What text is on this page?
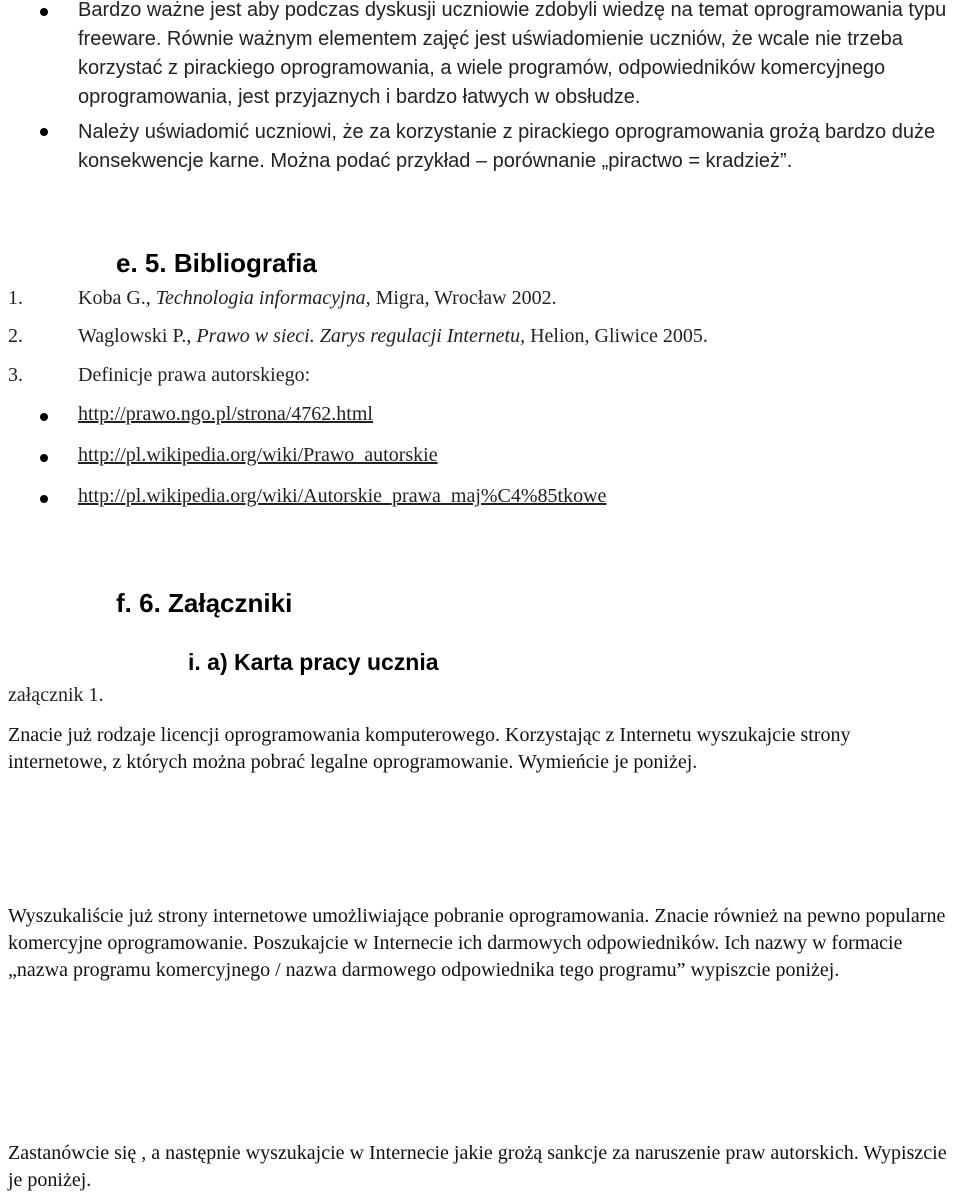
Bardzo ważne jest aby podczas dyskusji uczniowie zdobyli wiedzę na temat oprogramowania typu freeware. Równie ważnym elementem zajęć jest uświadomienie uczniów, że wcale nie trzeba korzystać z pirackiego oprogramowania, a wiele programów, odpowiedników komercyjnego oprogramowania, jest przyjaznych i bardzo łatwych w obsłudze.

Należy uświadomić uczniowi, że za korzystanie z pirackiego oprogramowania grożą bardzo duże konsekwencje karne. Można podać przykład – porównanie „piractwo = kradzież”.

e. 5. Bibliografia

1.	Koba G., Technologia informacyjna, Migra, Wrocław 2002.

2.	Waglowski P., Prawo w sieci. Zarys regulacji Internetu, Helion, Gliwice 2005.

3.	Definicje prawa autorskiego:

http://prawo.ngo.pl/strona/4762.html
http://pl.wikipedia.org/wiki/Prawo_autorskie
http://pl.wikipedia.org/wiki/Autorskie_prawa_maj%C4%85tkowe
f. 6. Załączniki
i. a) Karta pracy ucznia

załącznik 1.

Znacie już rodzaje licencji oprogramowania komputerowego. Korzystając z Internetu wyszukajcie strony internetowe, z których można pobrać legalne oprogramowanie. Wymieńcie je poniżej.

Wyszukaliście już strony internetowe umożliwiające pobranie oprogramowania. Znacie również na pewno popularne komercyjne oprogramowanie. Poszukajcie w Internecie ich darmowych odpowiedników. Ich nazwy w formacie „nazwa programu komercyjnego / nazwa darmowego odpowiednika tego programu” wypiszcie poniżej.

Zastanówcie się , a następnie wyszukajcie w Internecie jakie grożą sankcje za naruszenie praw autorskich. Wypiszcie je poniżej.
